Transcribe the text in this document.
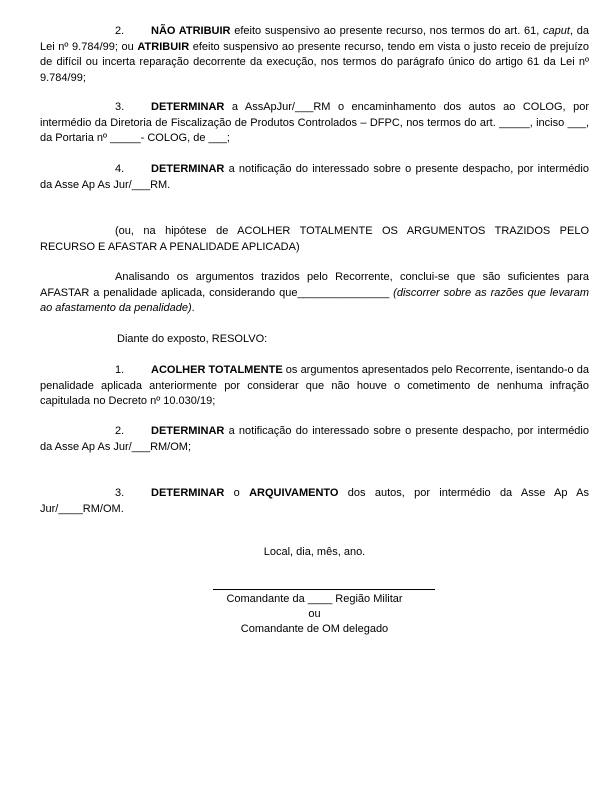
2. NÃO ATRIBUIR efeito suspensivo ao presente recurso, nos termos do art. 61, caput, da Lei nº 9.784/99; ou ATRIBUIR efeito suspensivo ao presente recurso, tendo em vista o justo receio de prejuízo de difícil ou incerta reparação decorrente da execução, nos termos do parágrafo único do artigo 61 da Lei nº 9.784/99;

3. DETERMINAR a AssApJur/___RM o encaminhamento dos autos ao COLOG, por intermédio da Diretoria de Fiscalização de Produtos Controlados – DFPC, nos termos do art. _____, inciso ___, da Portaria nº _____- COLOG, de ___;

4. DETERMINAR a notificação do interessado sobre o presente despacho, por intermédio da Asse Ap As Jur/___RM.

(ou, na hipótese de ACOLHER TOTALMENTE OS ARGUMENTOS TRAZIDOS PELO RECURSO E AFASTAR A PENALIDADE APLICADA)

Analisando os argumentos trazidos pelo Recorrente, conclui-se que são suficientes para AFASTAR a penalidade aplicada, considerando que_______________ (discorrer sobre as razões que levaram ao afastamento da penalidade).

Diante do exposto, RESOLVO:

1. ACOLHER TOTALMENTE os argumentos apresentados pelo Recorrente, isentando-o da penalidade aplicada anteriormente por considerar que não houve o cometimento de nenhuma infração capitulada no Decreto nº 10.030/19;

2. DETERMINAR a notificação do interessado sobre o presente despacho, por intermédio da Asse Ap As Jur/___RM/OM;

3. DETERMINAR o ARQUIVAMENTO dos autos, por intermédio da Asse Ap As Jur/____RM/OM.

Local, dia, mês, ano.
Comandante da ____ Região Militar
ou
Comandante de OM delegado
